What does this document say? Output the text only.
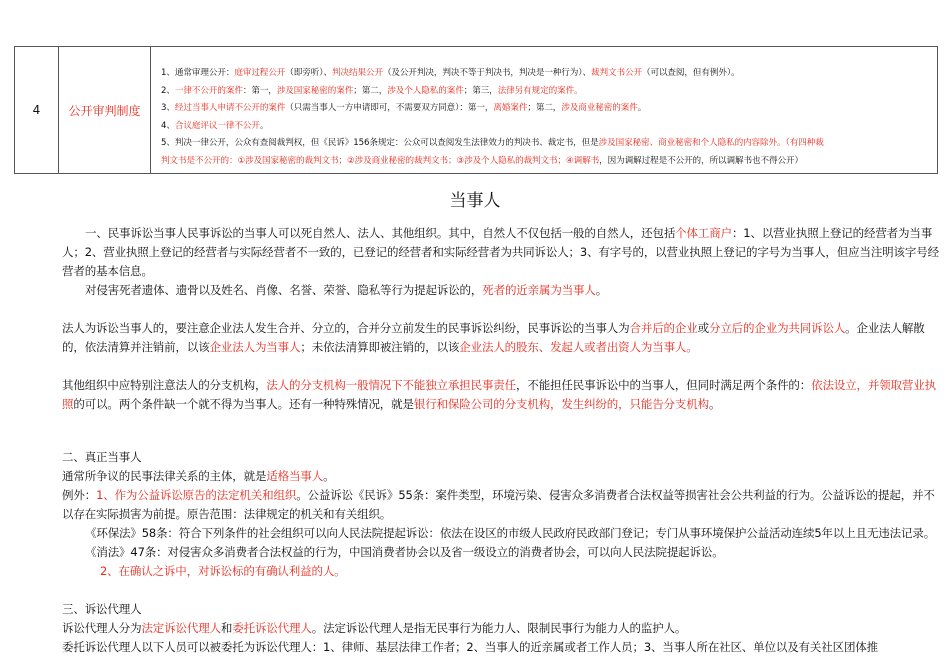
4	公开审判制度
1、通常审理公开：庭审过程公开（即旁听）、判决结果公开（及公开判决，判决不等于判决书，判决是一种行为）、裁判文书公开（可以查阅，但有例外）。
2、一律不公开的案件：第一，涉及国家秘密的案件；第二，涉及个人隐私的案件；第三，法律另有规定的案件。
3、经过当事人申请不公开的案件（只需当事人一方申请即可，不需要双方同意）：第一，离婚案件；第二，涉及商业秘密的案件。
4、合议庭评议一律不公开。
5、判决一律公开，公众有查阅裁判权，但《民诉》156条规定：公众可以查阅发生法律效力的判决书、裁定书，但是涉及国家秘密、商业秘密和个人隐私的内容除外。（有四种裁
判文书是不公开的：①涉及国家秘密的裁判文书；②涉及商业秘密的裁判文书；③涉及个人隐私的裁判文书；④调解书，因为调解过程是不公开的，所以调解书也不得公开）
当事人

一、民事诉讼当事人民事诉讼的当事人可以死自然人、法人、其他组织。其中，自然人不仅包括一般的自然人，还包括个体工商户：1、以营业执照上登记的经营者为当事人；2、营业执照上登记的经营者与实际经营者不一致的，已登记的经营者和实际经营者为共同诉讼人；3、有字号的，以营业执照上登记的字号为当事人，但应当注明该字号经营者的基本信息。

对侵害死者遗体、遗骨以及姓名、肖像、名誉、荣誉、隐私等行为提起诉讼的，死者的近亲属为当事人。

法人为诉讼当事人的，要注意企业法人发生合并、分立的，合并分立前发生的民事诉讼纠纷，民事诉讼的当事人为合并后的企业或分立后的企业为共同诉讼人。企业法人解散的，依法清算并注销前，以该企业法人为当事人；未依法清算即被注销的，以该企业法人的股东、发起人或者出资人为当事人。

其他组织中应特别注意法人的分支机构，法人的分支机构一般情况下不能独立承担民事责任，不能担任民事诉讼中的当事人，但同时满足两个条件的：依法设立，并领取营业执照的可以。两个条件缺一个就不得为当事人。还有一种特殊情况，就是银行和保险公司的分支机构，发生纠纷的，只能告分支机构。

二、真正当事人

通常所争议的民事法律关系的主体，就是适格当事人。

例外：1、作为公益诉讼原告的法定机关和组织。公益诉讼《民诉》55条：案件类型，环境污染、侵害众多消费者合法权益等损害社会公共利益的行为。公益诉讼的提起，并不以存在实际损害为前提。原告范围：法律规定的机关和有关组织。

《环保法》58条：符合下列条件的社会组织可以向人民法院提起诉讼：依法在设区的市级人民政府民政部门登记；专门从事环境保护公益活动连续5年以上且无违法记录。

《消法》47条：对侵害众多消费者合法权益的行为，中国消费者协会以及省一级设立的消费者协会，可以向人民法院提起诉讼。

2、在确认之诉中，对诉讼标的有确认利益的人。

三、诉讼代理人

诉讼代理人分为法定诉讼代理人和委托诉讼代理人。法定诉讼代理人是指无民事行为能力人、限制民事行为能力人的监护人。

委托诉讼代理人以下人员可以被委托为诉讼代理人：1、律师、基层法律工作者；2、当事人的近亲属或者工作人员；3、当事人所在社区、单位以及有关社区团体推
